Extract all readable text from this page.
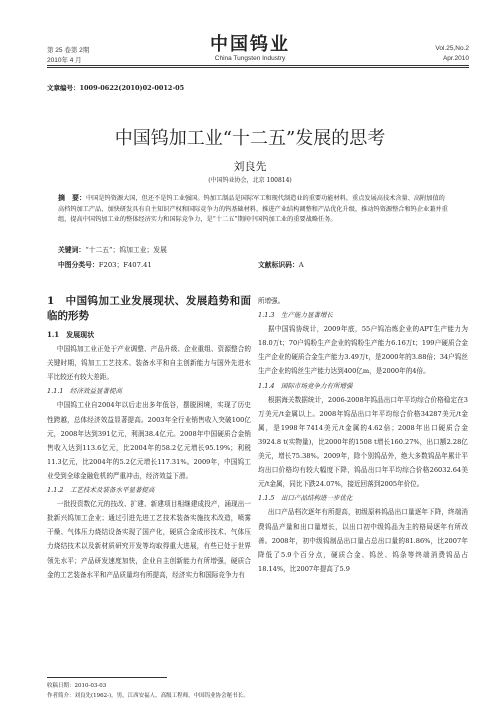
第 25 卷第 2期
2010年 4 月
中国钨业
China Tungsten Industry
Vol.25,No.2
Apr.2010
文章编号：1009-0622(2010)02-0012-05
中国钨加工业“十二五”发展的思考
刘良先
(中国钨业协会，北京 100814)
摘　要：中国是钨资源大国，但还不是钨工业强国。钨加工制品是国际军工和现代制造业的重要功能材料，重点发展高技术含量、高附加值的高档钨加工产品，加快研发具有自主知识产权和国际竞争力的钨基础材料，推进产业结构调整和产品优化升级，推动钨资源整合和钨企业兼并重组，提高中国钨加工业的整体经济实力和国际竞争力，是“十二五”期间中国钨加工业的重要战略任务。
关键词：“十二五”；钨加工业；发展
中图分类号：F203；F407.41	文献标识码：A

1　中国钨加工业发展现状、发展趋势和面临的形势

1.1　发展现状

中国钨加工业正处于产业调整、产品升级、企业重组、资源整合的关键时期，钨加工工艺技术、装备水平和自主创新能力与国外先进水平比较还有较大差距。

1.1.1　经济效益显著提高

中国钨工业自2004年以后走出多年低谷，摆脱困境，实现了历史性跨越，总体经济效益显著提高。2003年全行业销售收入突破100亿元，2008年达到391亿元，利润38.4亿元。2008年中国硬质合金销售收入达到113.6亿元，比2004年的58.2亿元增长95.19%；利税11.3亿元，比2004年的5.2亿元增长117.31%。2009年，中国钨工业受到全球金融危机的严重冲击，经济效益下滑。

1.1.2　工艺技术及装备水平显著提高

一批投资数亿元的技改、扩建、新建项目相继建成投产，涌现出一批新兴钨加工企业；通过引进先进工艺技术装备实施技术改造，喷雾干燥、气体压力烧结设备实现了国产化，硬质合金成形技术、气体压力烧结技术以及新材质研究开发等均取得重大进展，有些已处于世界领先水平；产品研发速度加快，企业自主创新能力有所增强，硬质合金的工艺装备水平和产品质量均有所提高，经济实力和国际竞争力有

所增强。

1.1.3　生产能力显著增长

据中国钨协统计，2009年底，55户钨冶炼企业的APT生产能力为18.0万t；70户钨粉生产企业的钨粉生产能力6.16万t；199户硬质合金生产企业的硬质合金生产能力3.49万t，是2000年的3.88倍；34户钨丝生产企业的钨丝生产能力达到400亿m，是2000年的4倍。

1.1.4　国际市场竞争力有所增强

根据海关数据统计，2006-2008年钨品出口年平均综合价格稳定在3万美元/t金属以上。2008年钨品出口年平均综合价格34287美元/t金属，是1998年7414美元/t金属的4.62倍；2008年出口硬质合金3924.8 t(实物量)，比2000年的1508 t增长160.27%，出口额2.28亿美元，增长75.38%。2009年，除个别钨品外，绝大多数钨品年累计平均出口价格均有较大幅度下降，钨品出口年平均综合价格26032.64美元/t金属，同比下跌24.07%，接近回落到2005年价位。

1.1.5　出口产品结构进一步优化

出口产品档次逐年有所提高，初级原料钨品出口量逐年下降，终端消费钨品产量和出口量增长，以出口初中级钨品为主的格局逐年有所改善。2008年，初中级钨制品出口量占总出口量的81.86%，比2007年降低了5.9个百分点，硬质合金、钨丝、钨条等终端消费钨品占18.14%，比2007年提高了5.9

收稿日期：2010-03-03
作者简介：刘良先(1962-)，男，江西安福人，高级工程师，中国钨业协会秘书长。
